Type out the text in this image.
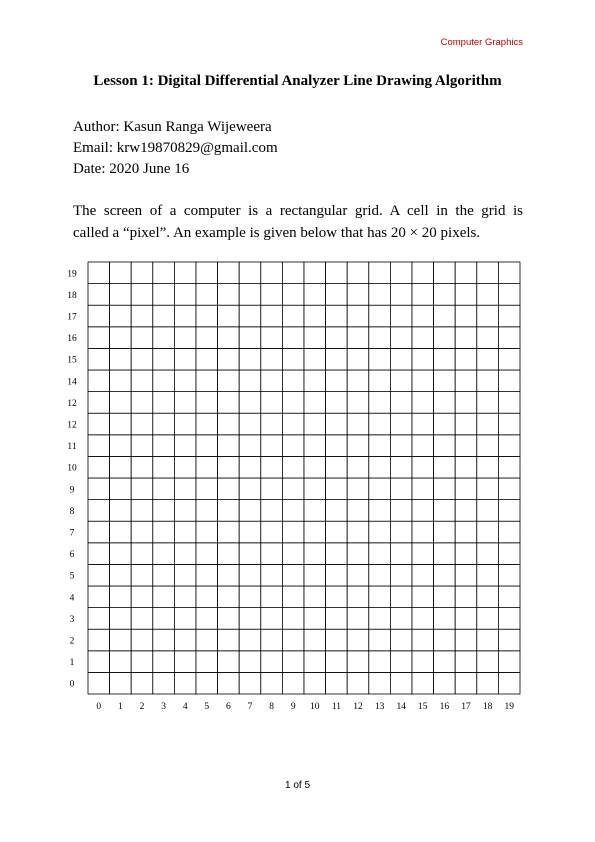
Computer Graphics
Lesson 1: Digital Differential Analyzer Line Drawing Algorithm
Author: Kasun Ranga Wijeweera
Email: krw19870829@gmail.com
Date: 2020 June 16
The screen of a computer is a rectangular grid. A cell in the grid is
called a “pixel”. An example is given below that has 20 × 20 pixels.
0
1
2
3
4
5
6
7
8
9
10
11
12
12
14
15
16
17
18
19
0 1 2 3 4 5 6 7 8 9 10 11 12 13 14 15 16 17 18 19
1 of 5
